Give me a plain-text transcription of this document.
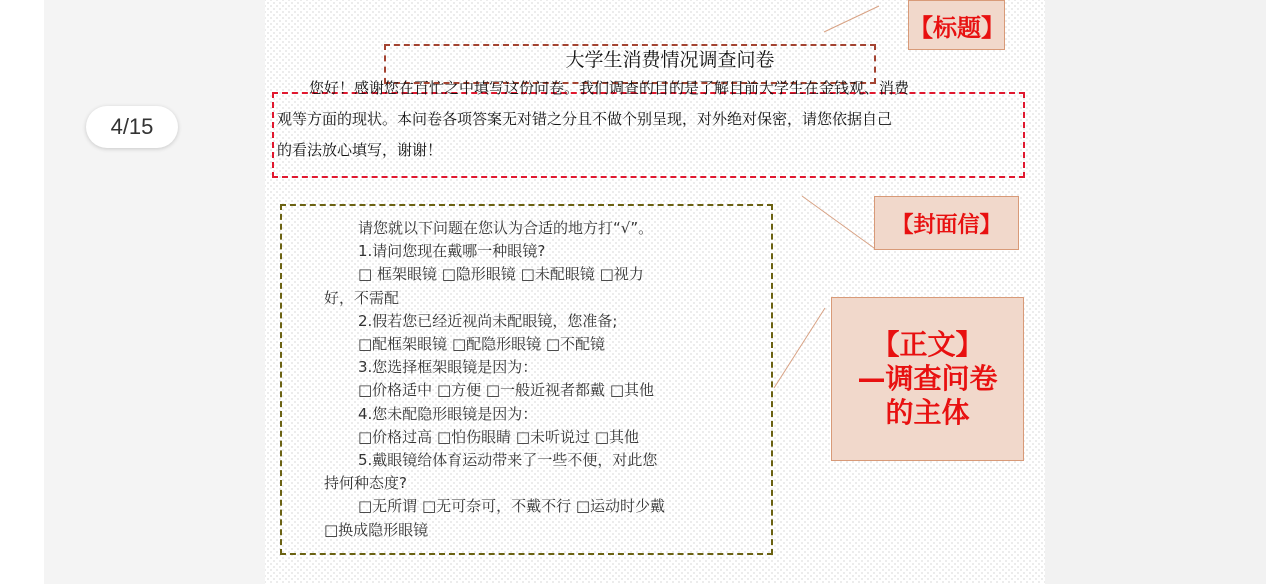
4/15
大学生消费情况调查问卷
您好！感谢您在百忙之中填写这份问卷。我们调查的目的是了解目前大学生在金钱观、消费
观等方面的现状。本问卷各项答案无对错之分且不做个别呈现，对外绝对保密，请您依据自己
的看法放心填写，谢谢！
请您就以下问题在您认为合适的地方打“√”。
1.请问您现在戴哪一种眼镜?
□ 框架眼镜 □隐形眼镜 □未配眼镜 □视力
好，不需配
2.假若您已经近视尚未配眼镜，您准备;
□配框架眼镜 □配隐形眼镜 □不配镜
3.您选择框架眼镜是因为：
□价格适中 □方便 □一般近视者都戴 □其他
4.您未配隐形眼镜是因为：
□价格过高 □怕伤眼睛 □未听说过 □其他
5.戴眼镜给体育运动带来了一些不便，对此您
持何种态度?
□无所谓 □无可奈可，不戴不行 □运动时少戴
□换成隐形眼镜
【标题】
【封面信】
【正文】
—调查问卷
的主体
